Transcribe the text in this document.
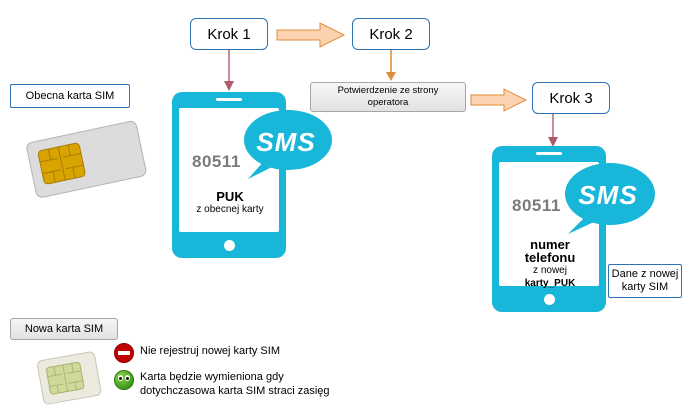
Obecna karta SIM
Krok 1	Krok 2
Potwierdzenie ze strony
operatora	Krok 3
80511
PUK
z obecnej karty
SMS
80511
numer
telefonu
z nowej
karty_PUK
SMS
Dane z nowej
karty SIM
Nowa karta SIM
Nie rejestruj nowej karty SIM
Karta będzie wymieniona gdy
dotychczasowa karta SIM straci zasięg
